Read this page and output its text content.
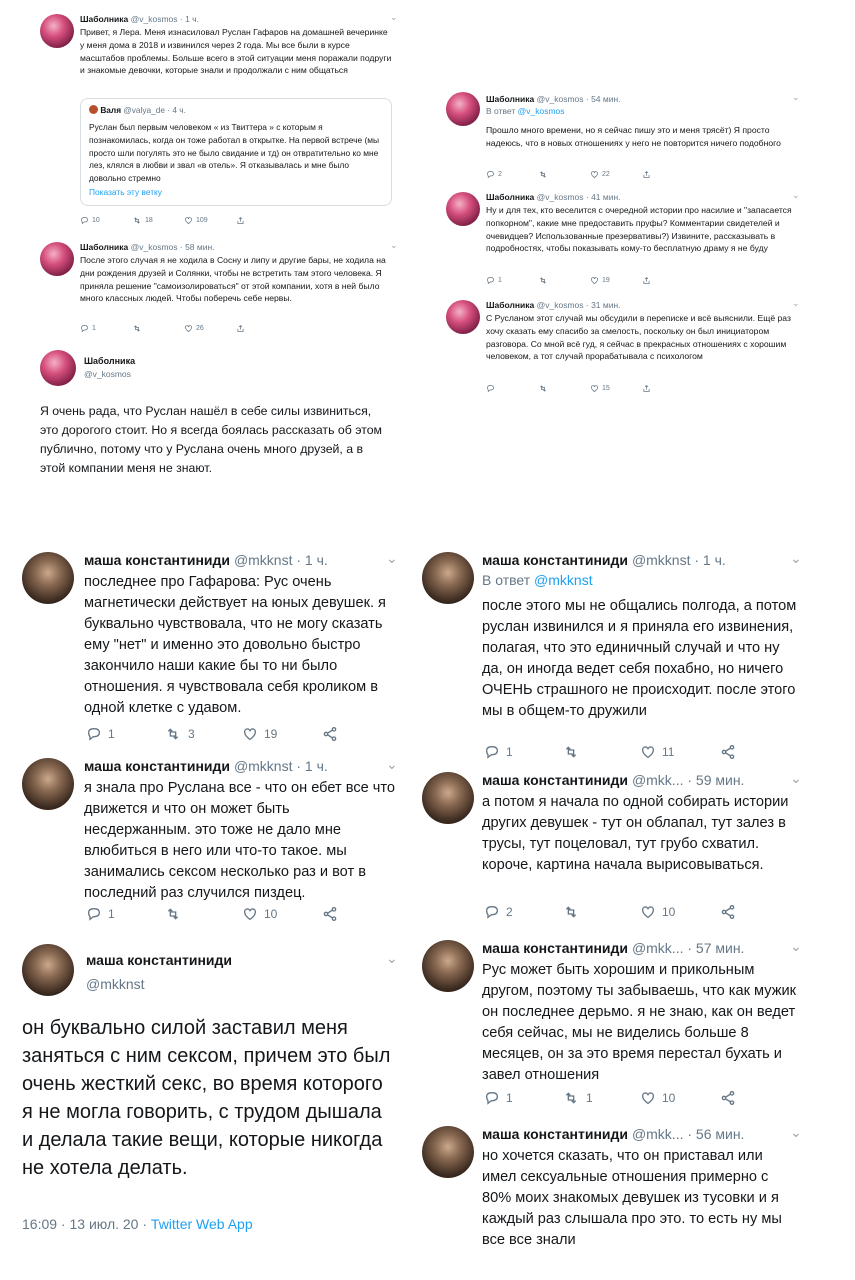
Шаболника @v_kosmos · 1 ч.	⌄
Привет, я Лера. Меня изнасиловал Руслан Гафаров на домашней вечеринке у меня дома в 2018 и извинился через 2 года. Мы все были в курсе масштабов проблемы. Больше всего в этой ситуации меня поражали подруги и знакомые девочки, которые знали и продолжали с ним общаться
Валя @valya_de · 4 ч.
Руслан был первым человеком « из Твиттера » с которым я познакомилась, когда он тоже работал в открытке. На первой встрече (мы просто шли погулять это не было свидание и тд) он отвратительно ко мне лез, клялся в любви и звал «в отель». Я отказывалась и мне было довольно стремно
Показать эту ветку
10	18	109
Шаболника @v_kosmos · 58 мин.	⌄
После этого случая я не ходила в Сосну и липу и другие бары, не ходила на дни рождения друзей и Солянки, чтобы не встретить там этого человека. Я приняла решение "самоизолироваться" от этой компании, хотя в ней было много классных людей. Чтобы поберечь себе нервы.
1	26
Шаболника
@v_kosmos
Я очень рада, что Руслан нашёл в себе силы извиниться, это дорогого стоит. Но я всегда боялась рассказать об этом публично, потому что у Руслана очень много друзей, а в этой компании меня не знают.
Шаболника @v_kosmos · 54 мин.	⌄
В ответ @v_kosmos
Прошло много времени, но я сейчас пишу это и меня трясёт) Я просто надеюсь, что в новых отношениях у него не повторится ничего подобного
2	22
Шаболника @v_kosmos · 41 мин.	⌄
Ну и для тех, кто веселится с очередной истории про насилие и "запасается попкорном", какие мне предоставить пруфы? Комментарии свидетелей и очевидцев? Использованные презервативы?) Извините, рассказывать в подробностях, чтобы показывать кому-то бесплатную драму я не буду
1	19
Шаболника @v_kosmos · 31 мин.	⌄
С Русланом этот случай мы обсудили в переписке и всё выяснили. Ещё раз хочу сказать ему спасибо за смелость, поскольку он был инициатором разговора. Со мной всё гуд, я сейчас в прекрасных отношениях с хорошим человеком, а тот случай прорабатывала с психологом
15
маша константиниди @mkknst · 1 ч.	⌄
последнее про Гафарова: Рус очень магнетически действует на юных девушек. я буквально чувствовала, что не могу сказать ему "нет" и именно это довольно быстро закончило наши какие бы то ни было отношения. я чувствовала себя кроликом в одной клетке с удавом.
1	3	19
маша константиниди @mkknst · 1 ч.	⌄
я знала про Руслана все - что он ебет все что движется и что он может быть несдержанным. это тоже не дало мне влюбиться в него или что-то такое. мы занимались сексом несколько раз и вот в последний раз случился пиздец.
1	10
маша константиниди
@mkknst
⌄
он буквально силой заставил меня заняться с ним сексом, причем это был очень жесткий секс, во время которого я не могла говорить, с трудом дышала и делала такие вещи, которые никогда не хотела делать.
16:09 · 13 июл. 20 · Twitter Web App
маша константиниди @mkknst · 1 ч.	⌄
В ответ @mkknst
после этого мы не общались полгода, а потом руслан извинился и я приняла его извинения, полагая, что это единичный случай и что ну да, он иногда ведет себя похабно, но ничего ОЧЕНЬ страшного не происходит. после этого мы в общем-то дружили
1	11
маша константиниди @mkk... · 59 мин.	⌄
а потом я начала по одной собирать истории других девушек - тут он облапал, тут залез в трусы, тут поцеловал, тут грубо схватил. короче, картина начала вырисовываться.
2	10
маша константиниди @mkk... · 57 мин.	⌄
Рус может быть хорошим и прикольным другом, поэтому ты забываешь, что как мужик он последнее дерьмо. я не знаю, как он ведет себя сейчас, мы не виделись больше 8 месяцев, он за это время перестал бухать и завел отношения
1	1	10
маша константиниди @mkk... · 56 мин.	⌄
но хочется сказать, что он приставал или имел сексуальные отношения примерно с 80% моих знакомых девушек из тусовки и я каждый раз слышала про это. то есть ну мы все все знали
